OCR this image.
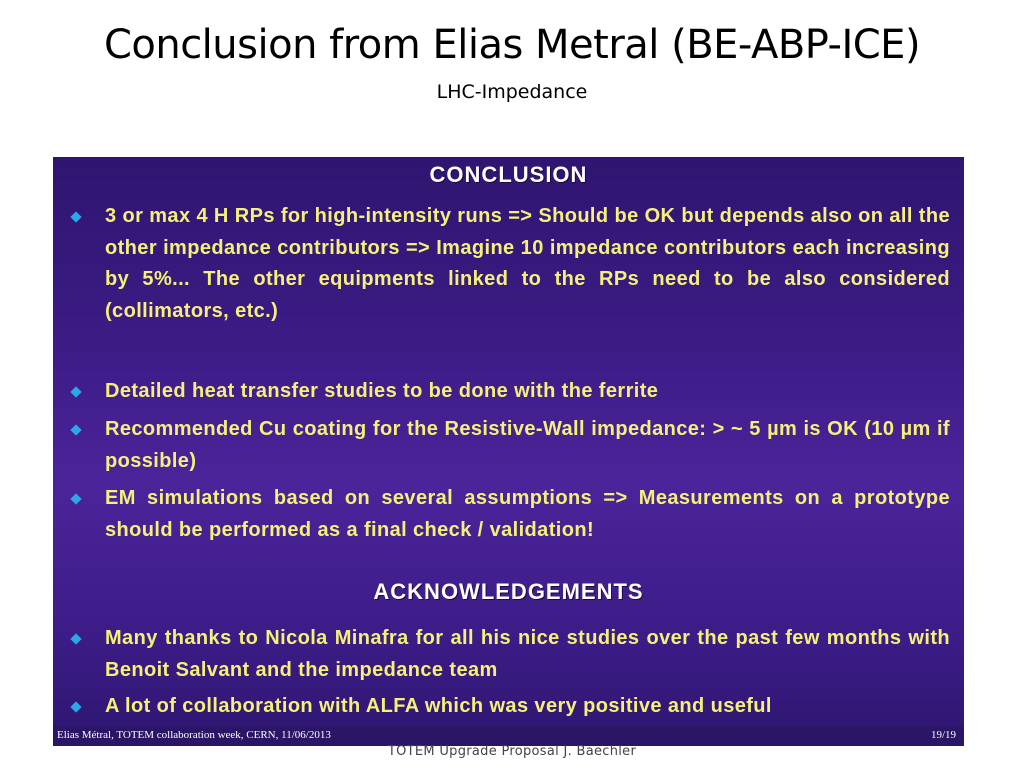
Conclusion from Elias Metral (BE-ABP-ICE)
LHC-Impedance
CONCLUSION
3 or max 4 H RPs for high-intensity runs => Should be OK but depends also on all the other impedance contributors => Imagine 10 impedance contributors each increasing by 5%... The other equipments linked to the RPs need to be also considered (collimators, etc.)
Detailed heat transfer studies to be done with the ferrite
Recommended Cu coating for the Resistive-Wall impedance: > ~ 5 µm is OK (10 µm if possible)
EM simulations based on several assumptions => Measurements on a prototype should be performed as a final check / validation!
ACKNOWLEDGEMENTS
Many thanks to Nicola Minafra for all his nice studies over the past few months with Benoit Salvant and the impedance team
A lot of collaboration with ALFA which was very positive and useful
Elias Métral, TOTEM collaboration week, CERN, 11/06/2013	19/19
TOTEM Upgrade Proposal J. Baechler
